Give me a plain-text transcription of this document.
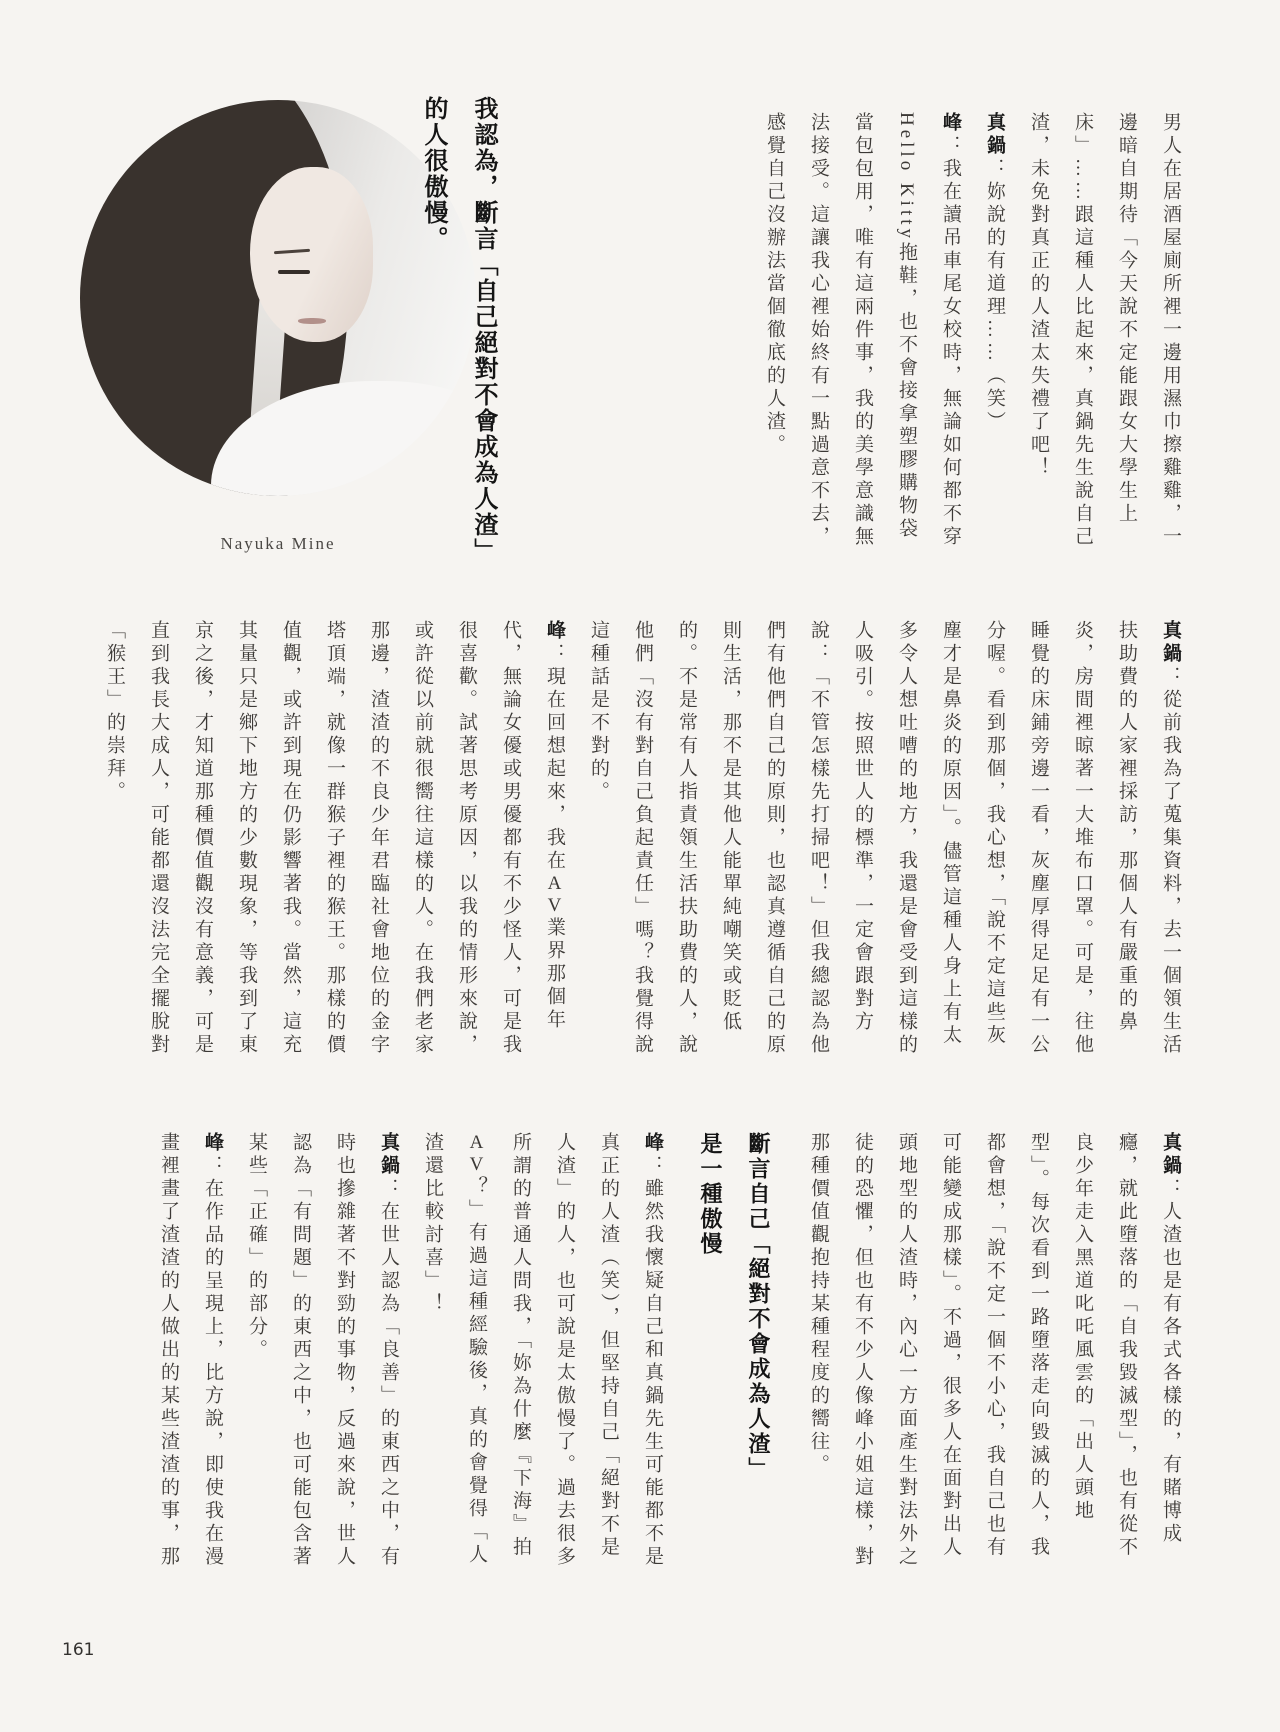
Nayuka Mine	我認為，斷言「自己絕對不會成為人渣」
的人很傲慢。	男人在居酒屋廁所裡一邊用濕巾擦雞雞，一邊暗自期待「今天說不定能跟女大學生上床」……跟這種人比起來，真鍋先生說自己渣，未免對真正的人渣太失禮了吧！

真鍋：妳說的有道理……（笑）

峰：我在讀吊車尾女校時，無論如何都不穿Hello Kitty拖鞋，也不會接拿塑膠購物袋當包包用，唯有這兩件事，我的美學意識無法接受。這讓我心裡始終有一點過意不去，感覺自己沒辦法當個徹底的人渣。

真鍋：從前我為了蒐集資料，去一個領生活扶助費的人家裡採訪，那個人有嚴重的鼻炎，房間裡晾著一大堆布口罩。可是，往他睡覺的床鋪旁邊一看，灰塵厚得足足有一公分喔。看到那個，我心想，「說不定這些灰塵才是鼻炎的原因」。儘管這種人身上有太多令人想吐嘈的地方，我還是會受到這樣的人吸引。按照世人的標準，一定會跟對方說：「不管怎樣先打掃吧！」但我總認為他們有他們自己的原則，也認真遵循自己的原則生活，那不是其他人能單純嘲笑或貶低的。不是常有人指責領生活扶助費的人，說他們「沒有對自己負起責任」嗎？我覺得說這種話是不對的。

峰：現在回想起來，我在AV業界那個年代，無論女優或男優都有不少怪人，可是我很喜歡。試著思考原因，以我的情形來說，或許從以前就很嚮往這樣的人。在我們老家那邊，渣渣的不良少年君臨社會地位的金字塔頂端，就像一群猴子裡的猴王。那樣的價值觀，或許到現在仍影響著我。當然，這充其量只是鄉下地方的少數現象，等我到了東京之後，才知道那種價值觀沒有意義，可是直到我長大成人，可能都還沒法完全擺脫對「猴王」的崇拜。

真鍋：人渣也是有各式各樣的，有賭博成癮，就此墮落的「自我毀滅型」，也有從不良少年走入黑道叱吒風雲的「出人頭地型」。每次看到一路墮落走向毀滅的人，我都會想，「說不定一個不小心，我自己也有可能變成那樣」。不過，很多人在面對出人頭地型的人渣時，內心一方面產生對法外之徒的恐懼，但也有不少人像峰小姐這樣，對那種價值觀抱持某種程度的嚮往。

斷言自己「絕對不會成為人渣」
是一種傲慢

峰：雖然我懷疑自己和真鍋先生可能都不是真正的人渣（笑），但堅持自己「絕對不是人渣」的人，也可說是太傲慢了。過去很多所謂的普通人問我，「妳為什麼『下海』拍AV？」有過這種經驗後，真的會覺得「人渣還比較討喜」！

真鍋：在世人認為「良善」的東西之中，有時也摻雜著不對勁的事物，反過來說，世人認為「有問題」的東西之中，也可能包含著某些「正確」的部分。

峰：在作品的呈現上，比方說，即使我在漫畫裡畫了渣渣的人做出的某些渣渣的事，那

161
